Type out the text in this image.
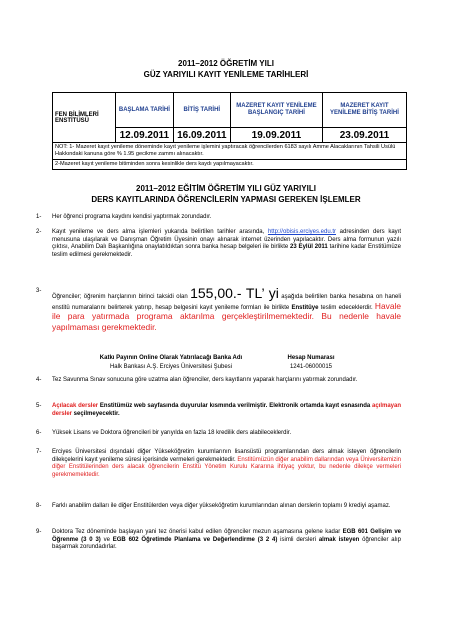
2011–2012 ÖĞRETİM YILI
GÜZ YARIYILI KAYIT YENİLEME TARİHLERİ
FEN BİLİMLERİ ENSTİTÜSÜ	BAŞLAMA TARİHİ	BİTİŞ TARİHİ	MAZERET KAYIT YENİLEME BAŞLANGIÇ TARİHİ	MAZERET KAYIT YENİLEME BİTİŞ TARİHİ
	12.09.2011	16.09.2011	19.09.2011	23.09.2011
NOT: 1- Mazeret kayıt yenileme döneminde kayıt yenileme işlemini yaptıracak öğrencilerden 6183 sayılı Amme Alacaklarının Tahsili Usülü Hakkındaki kanuna göre % 1.95 gecikme zammı alınacaktır.				
2-Mazeret kayıt yenileme bitiminden sonra kesinlikle ders kaydı yapılmayacaktır.				
2011–2012 EĞİTİM ÖĞRETİM YILI GÜZ YARIYILI
DERS KAYITLARINDA ÖĞRENCİLERİN YAPMASI GEREKEN İŞLEMLER
1- Her öğrenci programa kaydını kendisi yaptırmak zorundadır.
2- Kayıt yenileme ve ders alma işlemleri yukarıda belirtilen tarihler arasında, http://obisis.erciyes.edu.tr adresinden ders kayıt menusuna ulaşılarak ve Danışman Öğretim Üyesinin onayı alınarak internet üzerinden yapılacaktır. Ders alma formunun yazılı çıktısı, Anabilim Dalı Başkanlığına onaylatıldıktan sonra banka hesap belgeleri ile birlikte 23 Eylül 2011 tarihine kadar Enstitümüze teslim edilmesi gerekmektedir.
3-
Öğrenciler; öğrenim harçlarının birinci taksidi olan 155,00.- TL’ yi aşağıda belirtilen banka hesabına on haneli enstitü numaralarını belirterek yatırıp, hesap belgesini kayıt yenileme formları ile birlikte Enstitüye teslim edeceklerdir. Havale ile para yatırmada programa aktarılma gerçekleştirilmemektedir. Bu nedenle havale yapılmaması gerekmektedir.
Katkı Payının Online Olarak Yatırılacağı Banka Adı	Hesap Numarası
Halk Bankası A.Ş. Erciyes Üniversitesi Şubesi	1241-06000015
4- Tez Savunma Sınav sonucuna göre uzatma alan öğrenciler, ders kayıtlarını yaparak harçlarını yatırmak zorundadır.
5- Açılacak dersler Enstitümüz web sayfasında duyurular kısmında verilmiştir. Elektronik ortamda kayıt esnasında açılmayan dersler seçilmeyecektir.
6- Yüksek Lisans ve Doktora öğrencileri bir yarıyılda en fazla 18 kredilik ders alabileceklerdir.
7- Erciyes Üniversitesi dışındaki diğer Yükseköğretim kurumlarının lisansüstü programlarından ders almak isteyen öğrencilerin dilekçelerini kayıt yenileme süresi içerisinde vermeleri gerekmektedir. Enstitümüzün diğer anabilim dallarından veya Üniversitemizin diğer Enstitülerinden ders alacak öğrencilerin Enstitü Yönetim Kurulu Kararına ihtiyaç yoktur, bu nedenle dilekçe vermeleri gerekmemektedir.
8- Farklı anabilim dalları ile diğer Enstitülerden veya diğer yükseköğretim kurumlarından alınan derslerin toplamı 9 krediyi aşamaz.
9- Doktora Tez döneminde başlayan yani tez önerisi kabul edilen öğrenciler mezun aşamasına gelene kadar EGB 601 Gelişim ve Öğrenme (3 0 3) ve EGB 602 Öğretimde Planlama ve Değerlendirme (3 2 4) isimli dersleri almak isteyen öğrenciler alıp başarmak zorundadırlar.
